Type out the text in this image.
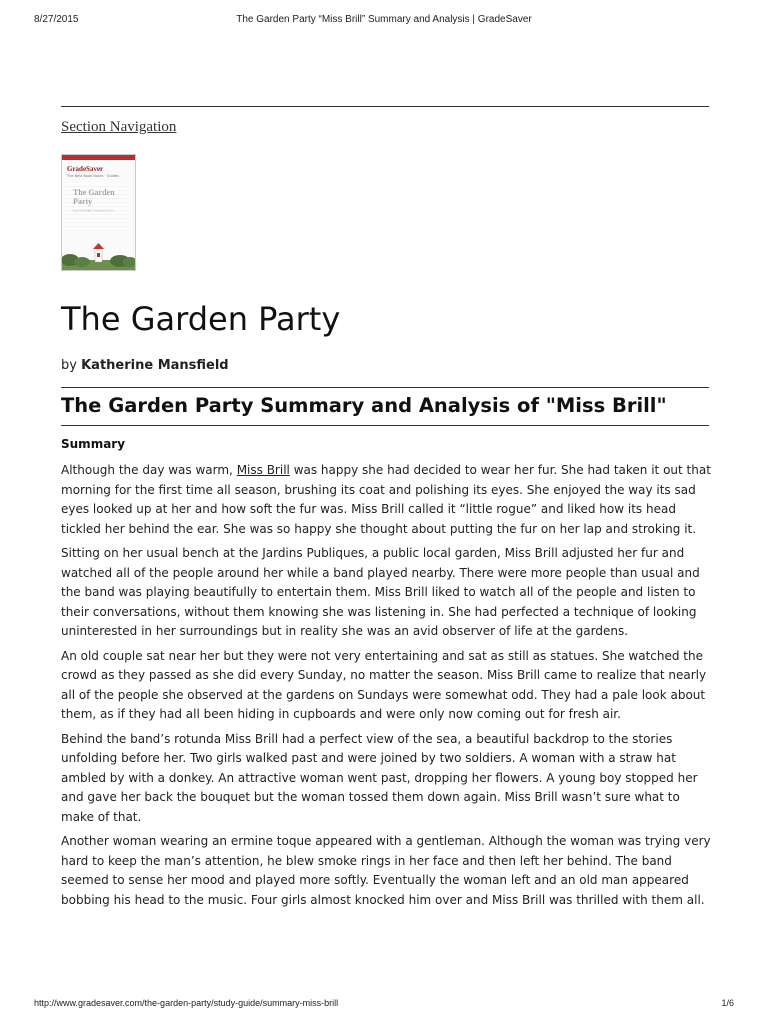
8/27/2015	The Garden Party “Miss Brill” Summary and Analysis | GradeSaver
Section Navigation
GradeSaver
The Best Book Notes · Guides

The Garden Party
by Katherine Mansfield
The Garden Party Summary and Analysis of "Miss Brill"
Summary

Although the day was warm, Miss Brill was happy she had decided to wear her fur. She had taken it out that morning for the first time all season, brushing its coat and polishing its eyes. She enjoyed the way its sad eyes looked up at her and how soft the fur was. Miss Brill called it “little rogue” and liked how its head tickled her behind the ear. She was so happy she thought about putting the fur on her lap and stroking it.

Sitting on her usual bench at the Jardins Publiques, a public local garden, Miss Brill adjusted her fur and watched all of the people around her while a band played nearby. There were more people than usual and the band was playing beautifully to entertain them. Miss Brill liked to watch all of the people and listen to their conversations, without them knowing she was listening in. She had perfected a technique of looking uninterested in her surroundings but in reality she was an avid observer of life at the gardens.

An old couple sat near her but they were not very entertaining and sat as still as statues. She watched the crowd as they passed as she did every Sunday, no matter the season. Miss Brill came to realize that nearly all of the people she observed at the gardens on Sundays were somewhat odd. They had a pale look about them, as if they had all been hiding in cupboards and were only now coming out for fresh air.

Behind the band’s rotunda Miss Brill had a perfect view of the sea, a beautiful backdrop to the stories unfolding before her. Two girls walked past and were joined by two soldiers. A woman with a straw hat ambled by with a donkey. An attractive woman went past, dropping her flowers. A young boy stopped her and gave her back the bouquet but the woman tossed them down again. Miss Brill wasn’t sure what to make of that.

Another woman wearing an ermine toque appeared with a gentleman. Although the woman was trying very hard to keep the man’s attention, he blew smoke rings in her face and then left her behind. The band seemed to sense her mood and played more softly. Eventually the woman left and an old man appeared bobbing his head to the music. Four girls almost knocked him over and Miss Brill was thrilled with them all.

http://www.gradesaver.com/the-garden-party/study-guide/summary-miss-brill	1/6
